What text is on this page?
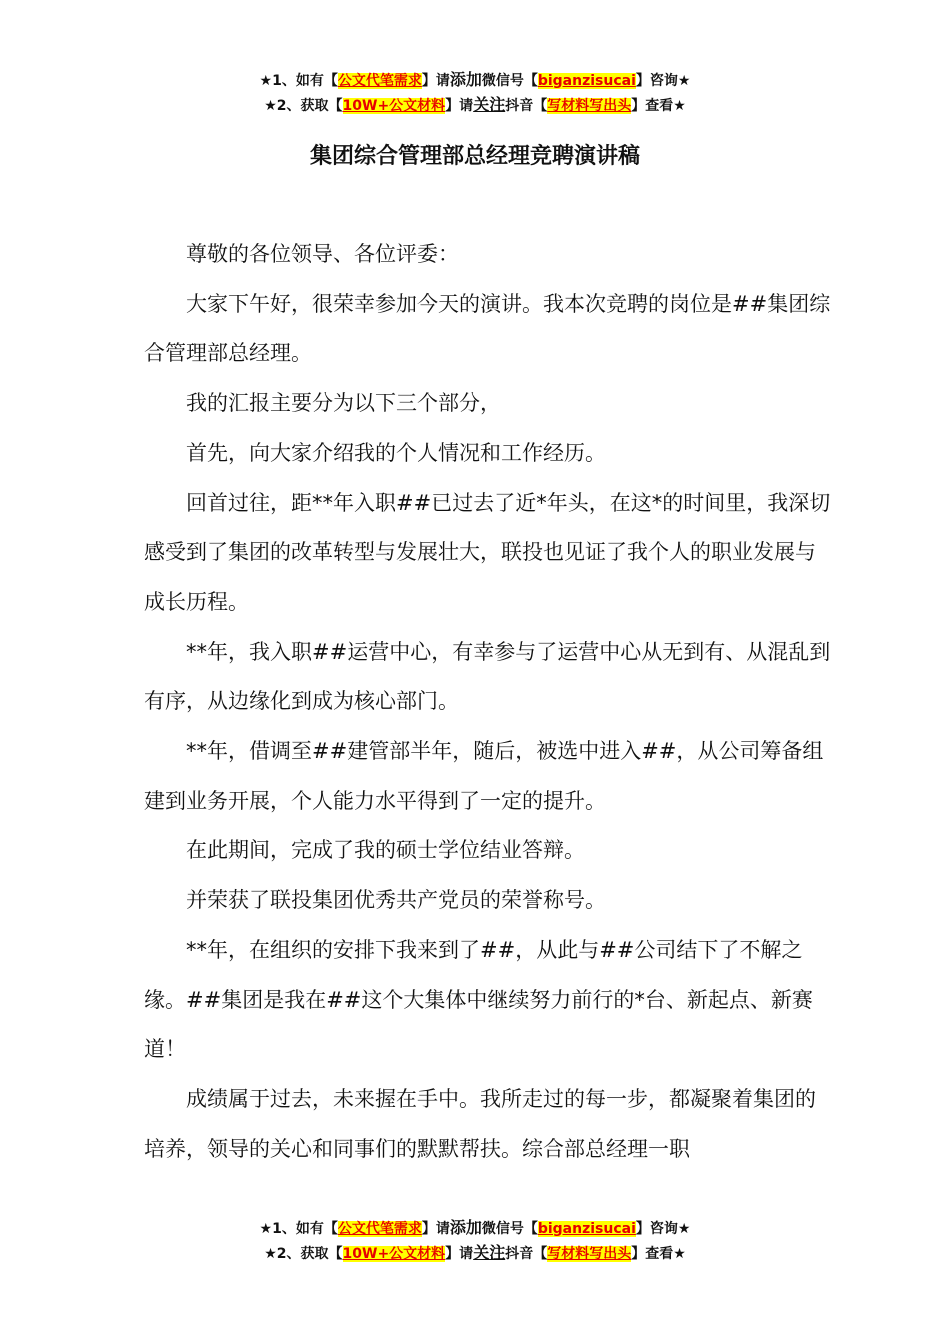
★1、如有【公文代笔需求】请添加微信号【biganzisucai】咨询★
★2、获取【10W+公文材料】请关注抖音【写材料写出头】查看★
集团综合管理部总经理竞聘演讲稿

尊敬的各位领导、各位评委：

大家下午好，很荣幸参加今天的演讲。我本次竞聘的岗位是##集团综合管理部总经理。

我的汇报主要分为以下三个部分，

首先，向大家介绍我的个人情况和工作经历。

回首过往，距**年入职##已过去了近*年头，在这*的时间里，我深切感受到了集团的改革转型与发展壮大，联投也见证了我个人的职业发展与成长历程。

**年，我入职##运营中心，有幸参与了运营中心从无到有、从混乱到有序，从边缘化到成为核心部门。

**年，借调至##建管部半年，随后，被选中进入##，从公司筹备组建到业务开展，个人能力水平得到了一定的提升。

在此期间，完成了我的硕士学位结业答辩。

并荣获了联投集团优秀共产党员的荣誉称号。

**年，在组织的安排下我来到了##，从此与##公司结下了不解之缘。##集团是我在##这个大集体中继续努力前行的*台、新起点、新赛道！

成绩属于过去，未来握在手中。我所走过的每一步，都凝聚着集团的培养，领导的关心和同事们的默默帮扶。综合部总经理一职

★1、如有【公文代笔需求】请添加微信号【biganzisucai】咨询★
★2、获取【10W+公文材料】请关注抖音【写材料写出头】查看★
